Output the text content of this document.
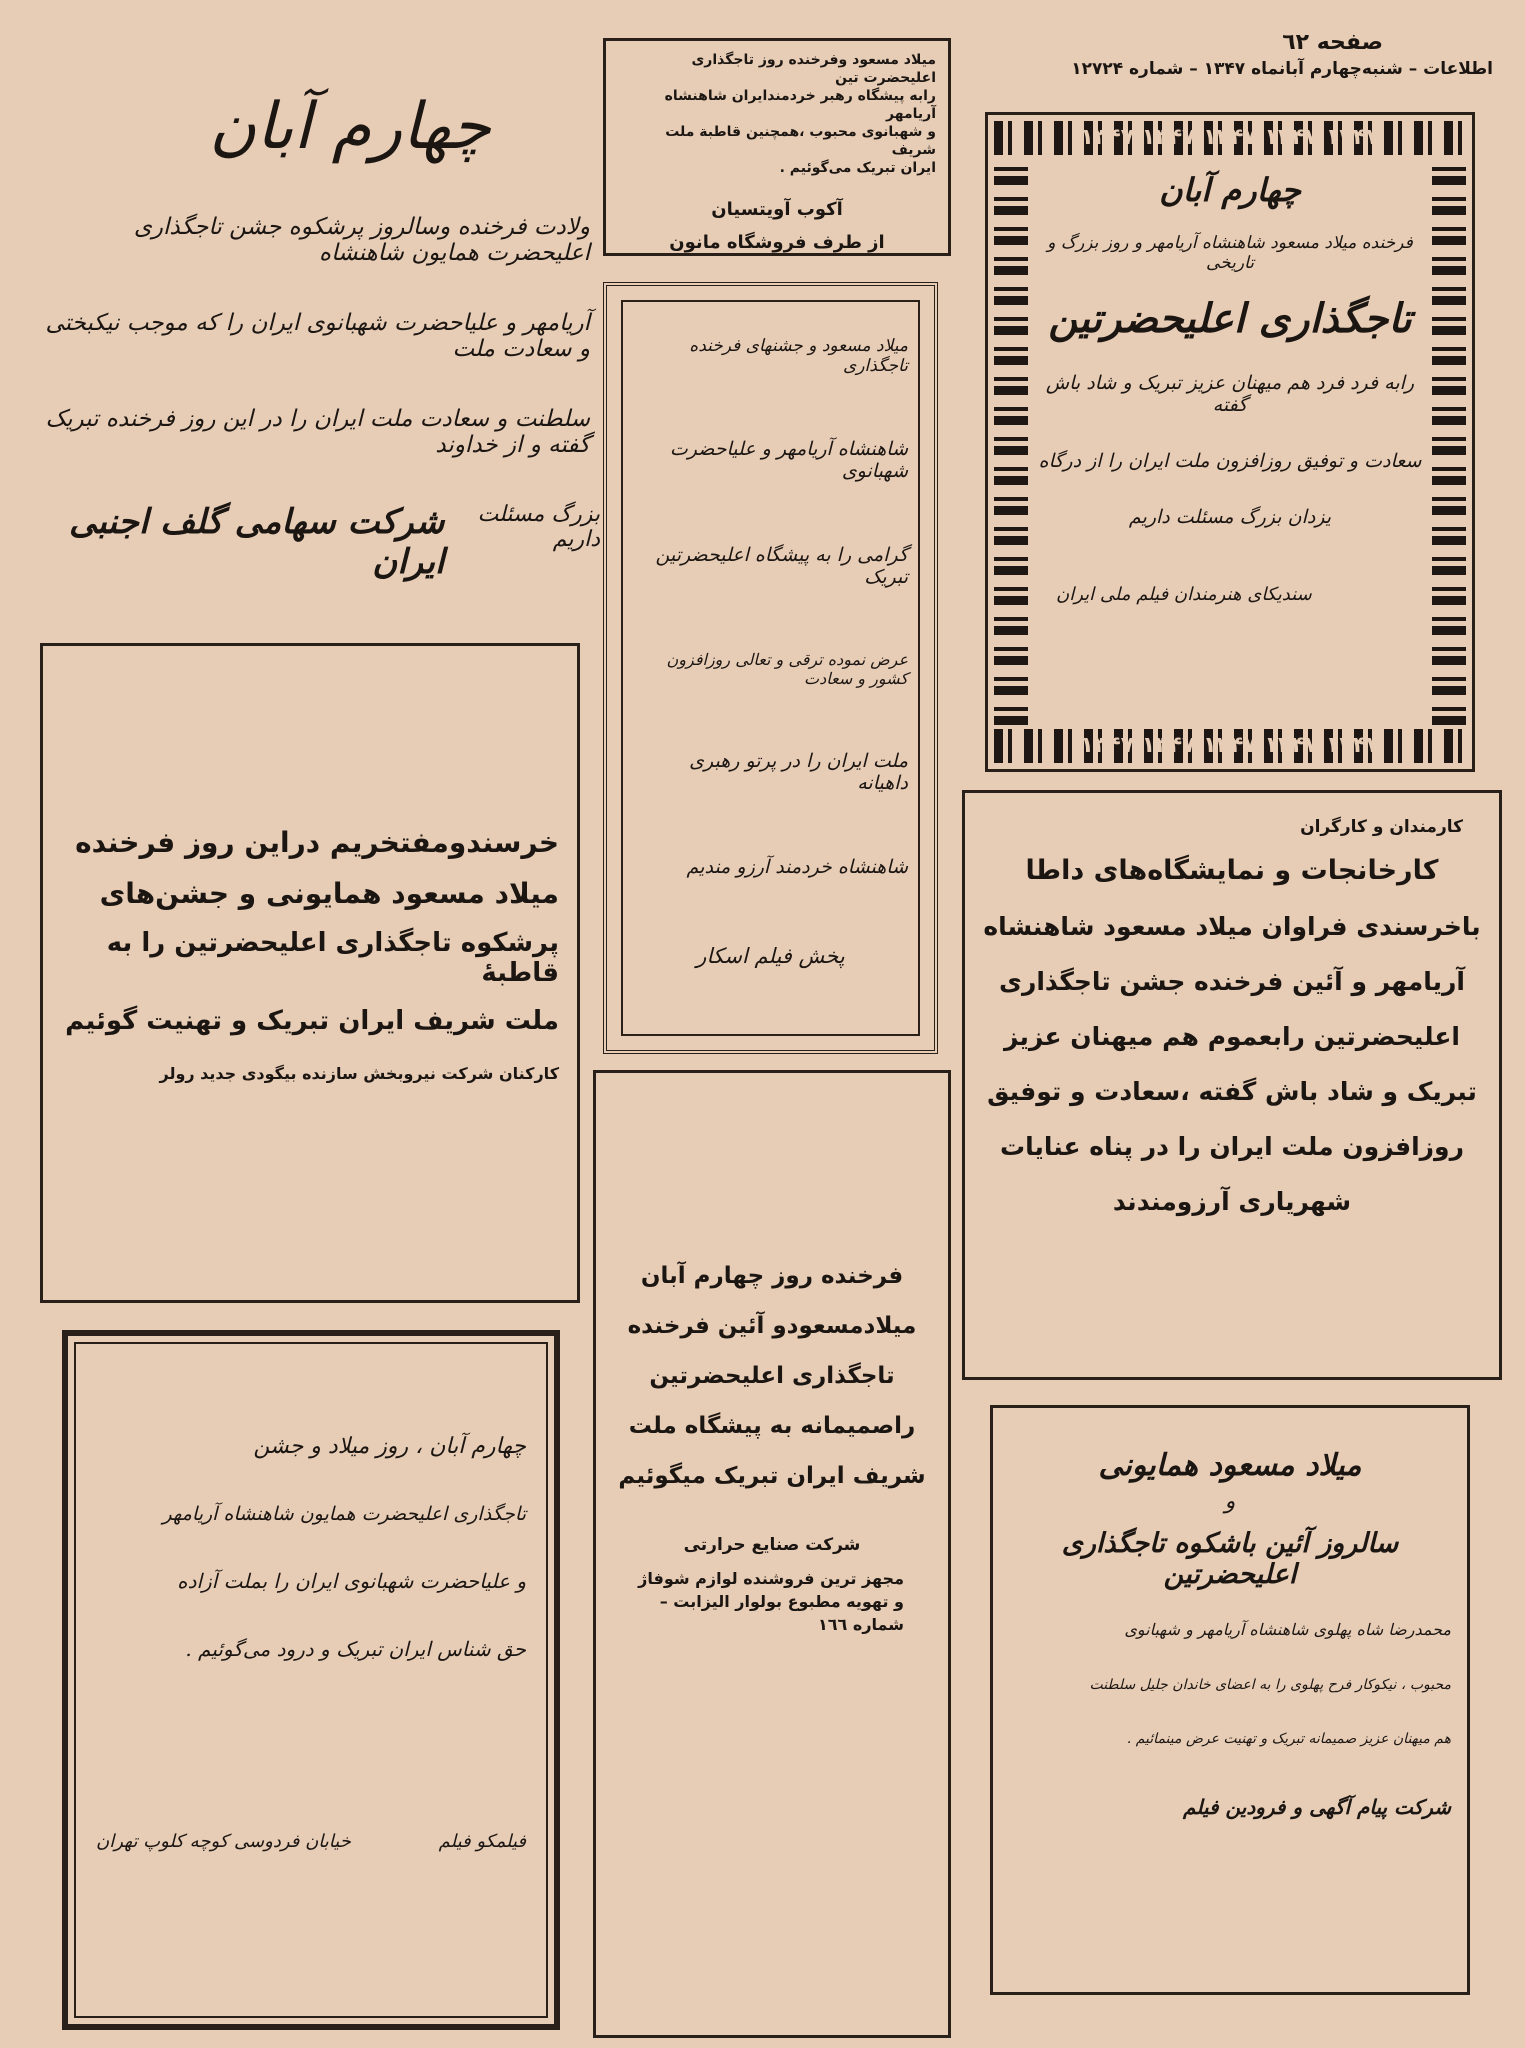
صفحه ٦٢
اطلاعات – شنبه‌چهارم آبانماه ۱۳۴۷ – شماره ۱۲۷۲۴
چهارم آبان
ولادت فرخنده وسالروز پرشکوه جشن تاجگذاری اعلیحضرت همایون شاهنشاه
آریامهر و علیاحضرت شهبانوی ایران را که موجب نیکبختی و سعادت ملت
سلطنت و سعادت ملت ایران را در این روز فرخنده تبریک گفته و از خداوند
بزرگ مسئلت داریم
شرکت سهامی گلف اجنبی ایران
میلاد مسعود وفرخنده روز تاجگذاری اعلیحضرت تین
رابه پیشگاه رهبر خردمندایران شاهنشاه آریامهر
و شهبانوی محبوب ،همچنین قاطبة ملت شریف
ایران تبریک می‌گوئیم .
آکوب آویتسیان
از طرف فروشگاه مانون
۱۳۴۷ ۱۳۴۷ ۱۳۴۷ ۱۳۴۷ ۱۳۴۷
۱۳۴۷ ۱۳۴۷ ۱۳۴۷ ۱۳۴۷ ۱۳۴۷
چهارم آبان
فرخنده میلاد مسعود شاهنشاه آریامهر و روز بزرگ و تاریخی
تاجگذاری اعلیحضرتین
رابه فرد فرد هم میهنان عزیز تبریک و شاد باش گفته
سعادت و توفیق روزافزون ملت ایران را از درگاه
یزدان بزرگ مسئلت داریم
سندیکای هنرمندان فیلم ملی ایران
میلاد مسعود و جشنهای فرخنده تاجگذاری
شاهنشاه آریامهر و علیاحضرت شهبانوی
گرامی را به پیشگاه اعلیحضرتین تبریک
عرض نموده ترقی و تعالی روزافزون کشور و سعادت
ملت ایران را در پرتو رهبری داهیانه
شاهنشاه خردمند آرزو مندیم
پخش فیلم اسکار
خرسندومفتخریم دراین روز فرخنده
میلاد مسعود همایونی و جشن‌های
پرشکوه تاجگذاری اعلیحضرتین را به قاطبهٔ
ملت شریف ایران تبریک و تهنیت گوئیم
کارکنان شرکت نیروبخش سازنده بیگودی جدید رولر
کارمندان و کارگران
کارخانجات و نمایشگاه‌های داطا
باخرسندی فراوان میلاد مسعود شاهنشاه
آریامهر و آئین فرخنده جشن تاجگذاری
اعلیحضرتین رابعموم هم میهنان عزیز
تبریک و شاد باش گفته ،سعادت و توفیق
روزافزون ملت ایران را در پناه عنایات
شهریاری آرزومندند
فرخنده روز چهارم آبان
میلادمسعودو آئین فرخنده
تاجگذاری اعلیحضرتین
راصمیمانه به پیشگاه ملت
شریف ایران تبریک میگوئیم
شرکت صنایع حرارتی
مجهز ترین فروشنده لوازم شوفاژ
و تهویه مطبوع بولوار الیزابت –
شماره ۱٦٦
چهارم آبان ، روز میلاد و جشن
تاجگذاری اعلیحضرت همایون شاهنشاه آریامهر
و علیاحضرت شهبانوی ایران را بملت آزاده
حق شناس ایران تبریک و درود می‌گوئیم .
فیلمکو فیلم
خیابان فردوسی کوچه کلوپ تهران
میلاد مسعود همایونی
و
سالروز آئین باشکوه تاجگذاری اعلیحضرتین
محمدرضا شاه پهلوی شاهنشاه آریامهر و شهبانوی
محبوب ، نیکوکار فرح پهلوی را به اعضای خاندان جلیل سلطنت
هم میهنان عزیز صمیمانه تبریک و تهنیت عرض مینمائیم .
شرکت پیام آگهی و فرودین فیلم
